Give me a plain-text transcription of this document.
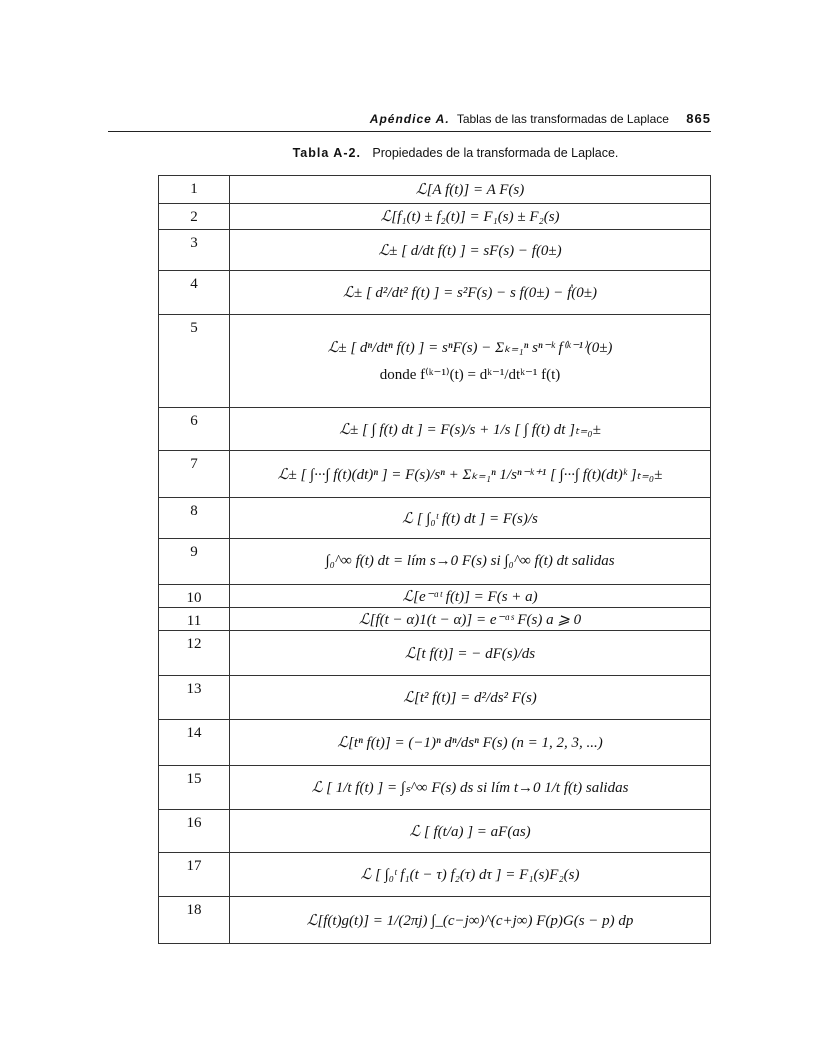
Apéndice A. Tablas de las transformadas de Laplace 865
Tabla A-2. Propiedades de la transformada de Laplace.
1	ℒ[A f(t)] = A F(s)
2	ℒ[f₁(t) ± f₂(t)] = F₁(s) ± F₂(s)
3	ℒ± [ d/dt f(t) ] = sF(s) − f(0±)
4	ℒ± [ d²/dt² f(t) ] = s²F(s) − s f(0±) − ḟ(0±)
5	ℒ± [ dⁿ/dtⁿ f(t) ] = sⁿF(s) − Σₖ₌₁ⁿ sⁿ⁻ᵏ f⁽ᵏ⁻¹⁾(0±)
donde f⁽ᵏ⁻¹⁾(t) = dᵏ⁻¹/dtᵏ⁻¹ f(t)

6	ℒ± [ ∫ f(t) dt ] = F(s)/s + 1/s [ ∫ f(t) dt ]ₜ₌₀±
7	ℒ± [ ∫···∫ f(t)(dt)ⁿ ] = F(s)/sⁿ + Σₖ₌₁ⁿ 1/sⁿ⁻ᵏ⁺¹ [ ∫···∫ f(t)(dt)ᵏ ]ₜ₌₀±
8	ℒ [ ∫₀ᵗ f(t) dt ] = F(s)/s
9	∫₀^∞ f(t) dt = lím s→0 F(s) si ∫₀^∞ f(t) dt salidas
10	ℒ[e⁻ᵅᵗ f(t)] = F(s + a)
11	ℒ[f(t − α)1(t − α)] = e⁻ᵅˢ F(s) a ⩾ 0
12	ℒ[t f(t)] = − dF(s)/ds
13	ℒ[t² f(t)] = d²/ds² F(s)
14	ℒ[tⁿ f(t)] = (−1)ⁿ dⁿ/dsⁿ F(s) (n = 1, 2, 3, ...)
15	ℒ [ 1/t f(t) ] = ∫ₛ^∞ F(s) ds si lím t→0 1/t f(t) salidas
16	ℒ [ f(t/a) ] = aF(as)
17	ℒ [ ∫₀ᵗ f₁(t − τ) f₂(τ) dτ ] = F₁(s)F₂(s)
18	ℒ[f(t)g(t)] = 1/(2πj) ∫_(c−j∞)^(c+j∞) F(p)G(s − p) dp
